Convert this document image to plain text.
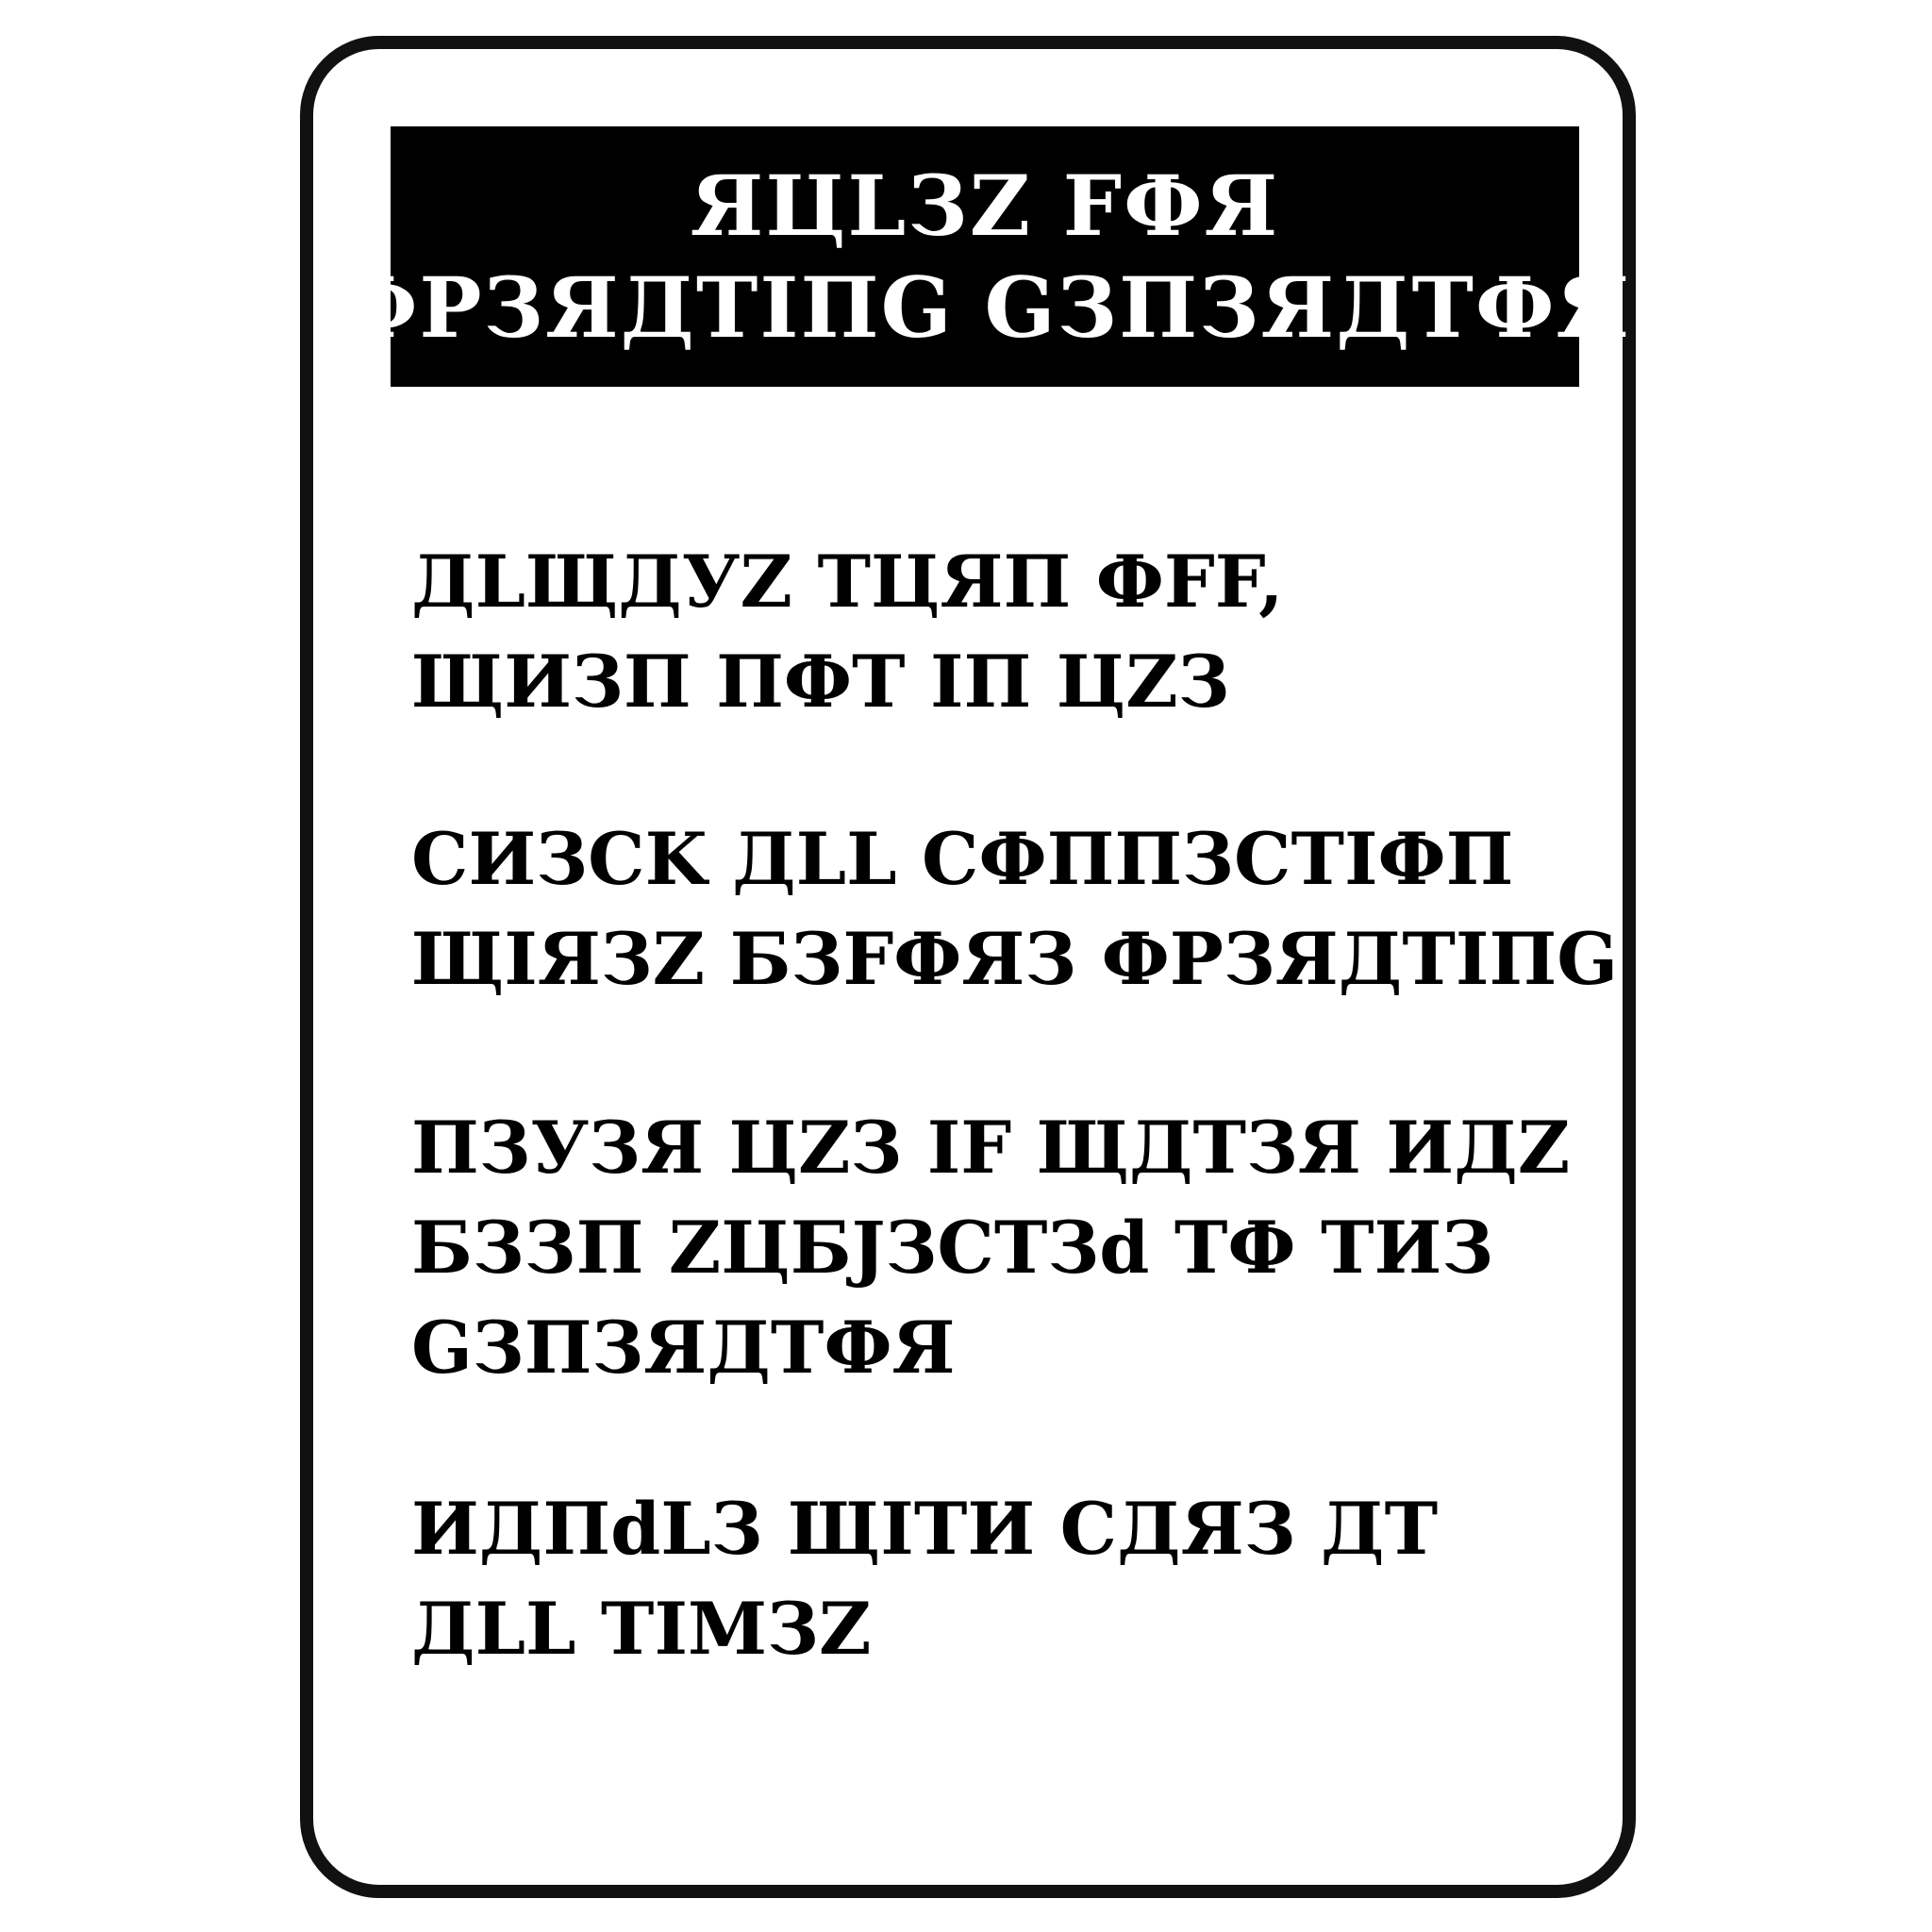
ЯЦLЗZ FФЯ
ФPЗЯДTIПG GЗПЗЯДTФЯ
ДLЩДУZ TЦЯП ФFF,
ЩИЗП ПФT IП ЦZЗ
CИЗCK ДLL CФППЗCTIФП
ЩIЯЗZ БЗFФЯЗ ФPЗЯДTIПG
ПЗУЗЯ ЦZЗ IF ЩДTЗЯ ИДZ
БЗЗП ZЦБJЗCTЗd TФ TИЗ
GЗПЗЯДTФЯ
ИДПdLЗ ЩITИ CДЯЗ ДT
ДLL TIMЗZ
